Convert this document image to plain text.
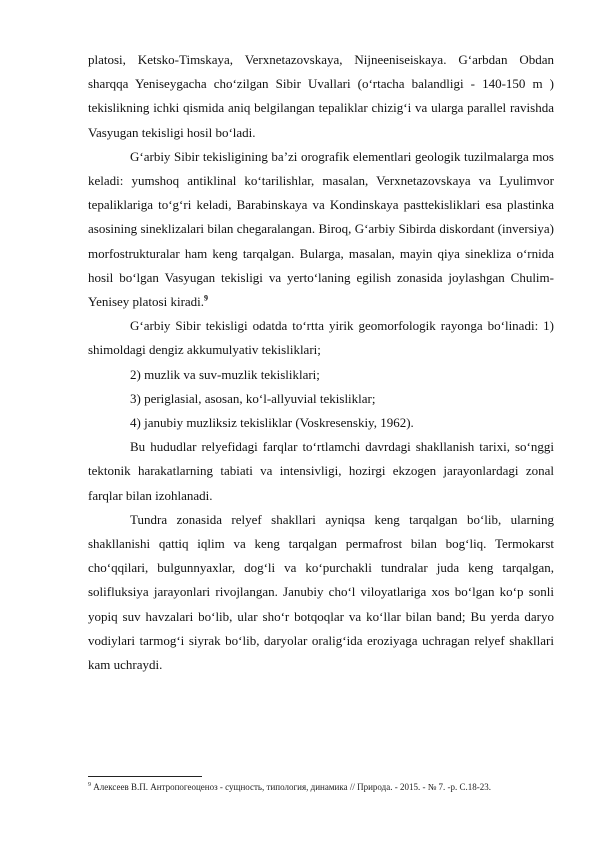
platosi, Ketsko-Timskaya, Verxnetazovskaya, Nijneeniseiskaya. Gʻarbdan Obdan sharqqa Yeniseygacha choʻzilgan Sibir Uvallari (oʻrtacha balandligi - 140-150 m ) tekislikning ichki qismida aniq belgilangan tepaliklar chizigʻi va ularga parallel ravishda Vasyugan tekisligi hosil boʻladi.

Gʻarbiy Sibir tekisligining baʼzi orografik elementlari geologik tuzilmalarga mos keladi: yumshoq antiklinal koʻtarilishlar, masalan, Verxnetazovskaya va Lyulimvor tepaliklariga toʻgʻri keladi, Barabinskaya va Kondinskaya pasttekisliklari esa plastinka asosining sineklizalari bilan chegaralangan. Biroq, Gʻarbiy Sibirda diskordant (inversiya) morfostrukturalar ham keng tarqalgan. Bularga, masalan, mayin qiya sinekliza oʻrnida hosil boʻlgan Vasyugan tekisligi va yertoʻlaning egilish zonasida joylashgan Chulim-Yenisey platosi kiradi.$^9$

Gʻarbiy Sibir tekisligi odatda toʻrtta yirik geomorfologik rayonga boʻlinadi: 1) shimoldagi dengiz akkumulyativ tekisliklari;

2) muzlik va suv-muzlik tekisliklari;

3) periglasial, asosan, koʻl-allyuvial tekisliklar;

4) janubiy muzliksiz tekisliklar (Voskresenskiy, 1962).

Bu hududlar relyefidagi farqlar toʻrtlamchi davrdagi shakllanish tarixi, soʻnggi tektonik harakatlarning tabiati va intensivligi, hozirgi ekzogen jarayonlardagi zonal farqlar bilan izohlanadi.

Tundra zonasida relyef shakllari ayniqsa keng tarqalgan boʻlib, ularning shakllanishi qattiq iqlim va keng tarqalgan permafrost bilan bogʻliq. Termokarst choʻqqilari, bulgunnyaxlar, dogʻli va koʻpurchakli tundralar juda keng tarqalgan, solifluksiya jarayonlari rivojlangan. Janubiy choʻl viloyatlariga xos boʻlgan koʻp sonli yopiq suv havzalari boʻlib, ular shoʻr botqoqlar va koʻllar bilan band; Bu yerda daryo vodiylari tarmogʻi siyrak boʻlib, daryolar oraligʻida eroziyaga uchragan relyef shakllari kam uchraydi.

$^9$ Алексеев В.П. Антропогеоценоз - сущность, типология, динамика // Природа. - 2015. - № 7. -р. С.18-23.
